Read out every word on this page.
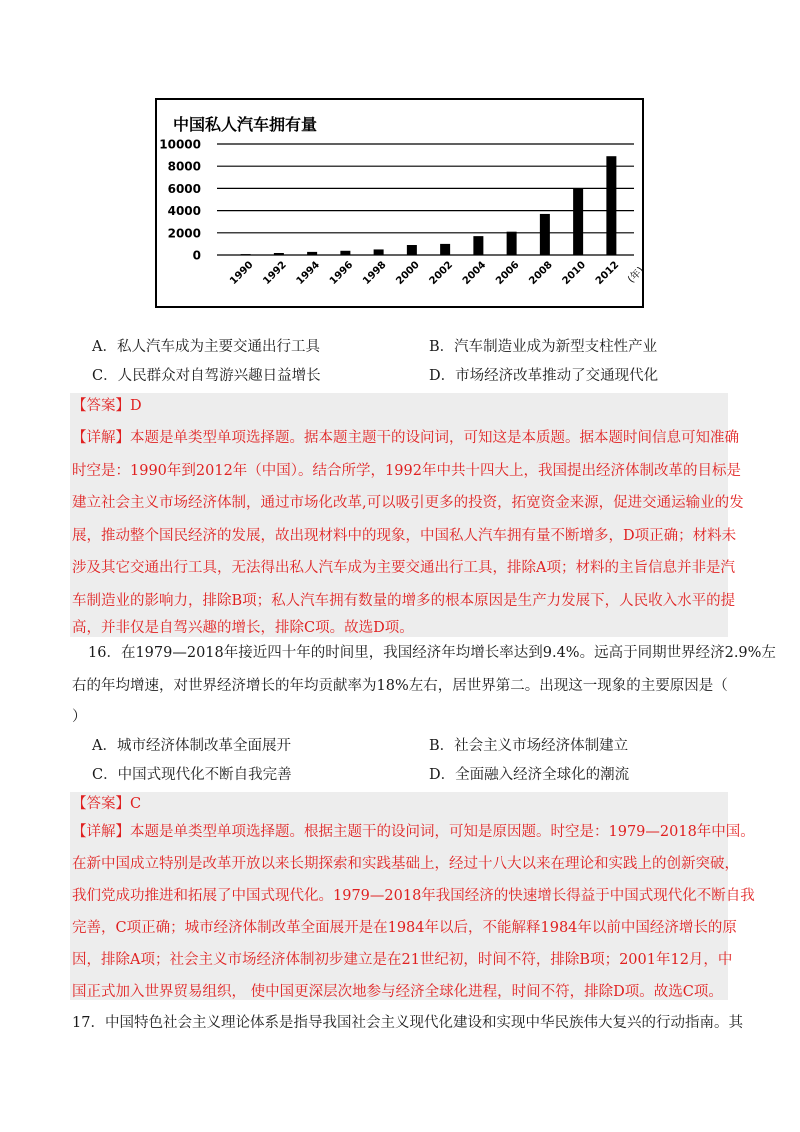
中国私人汽车拥有量
10000
8000
6000
4000
2000
0
1990 1992 1994 1996 1998 2000 2002 2004 2006 2008 2010 2012 (年)
A．私人汽车成为主要交通出行工具	B．汽车制造业成为新型支柱性产业
C．人民群众对自驾游兴趣日益增长	D．市场经济改革推动了交通现代化
【答案】D
【详解】本题是单类型单项选择题。据本题主题干的设问词，可知这是本质题。据本题时间信息可知准确
时空是：1990年到2012年（中国）。结合所学，1992年中共十四大上，我国提出经济体制改革的目标是
建立社会主义市场经济体制，通过市场化改革,可以吸引更多的投资，拓宽资金来源，促进交通运输业的发
展，推动整个国民经济的发展，故出现材料中的现象，中国私人汽车拥有量不断增多，D项正确；材料未
涉及其它交通出行工具，无法得出私人汽车成为主要交通出行工具，排除A项；材料的主旨信息并非是汽
车制造业的影响力，排除B项；私人汽车拥有数量的增多的根本原因是生产力发展下，人民收入水平的提
高，并非仅是自驾兴趣的增长，排除C项。故选D项。
16．在1979—2018年接近四十年的时间里，我国经济年均增长率达到9.4%。远高于同期世界经济2.9%左
右的年均增速，对世界经济增长的年均贡献率为18%左右，居世界第二。出现这一现象的主要原因是（
）
A．城市经济体制改革全面展开	B．社会主义市场经济体制建立
C．中国式现代化不断自我完善	D．全面融入经济全球化的潮流
【答案】C
【详解】本题是单类型单项选择题。根据主题干的设问词，可知是原因题。时空是：1979—2018年中国。
在新中国成立特别是改革开放以来长期探索和实践基础上，经过十八大以来在理论和实践上的创新突破，
我们党成功推进和拓展了中国式现代化。1979—2018年我国经济的快速增长得益于中国式现代化不断自我
完善，C项正确；城市经济体制改革全面展开是在1984年以后，不能解释1984年以前中国经济增长的原
因，排除A项；社会主义市场经济体制初步建立是在21世纪初，时间不符，排除B项；2001年12月，中
国正式加入世界贸易组织， 使中国更深层次地参与经济全球化进程，时间不符，排除D项。故选C项。
17．中国特色社会主义理论体系是指导我国社会主义现代化建设和实现中华民族伟大复兴的行动指南。其
